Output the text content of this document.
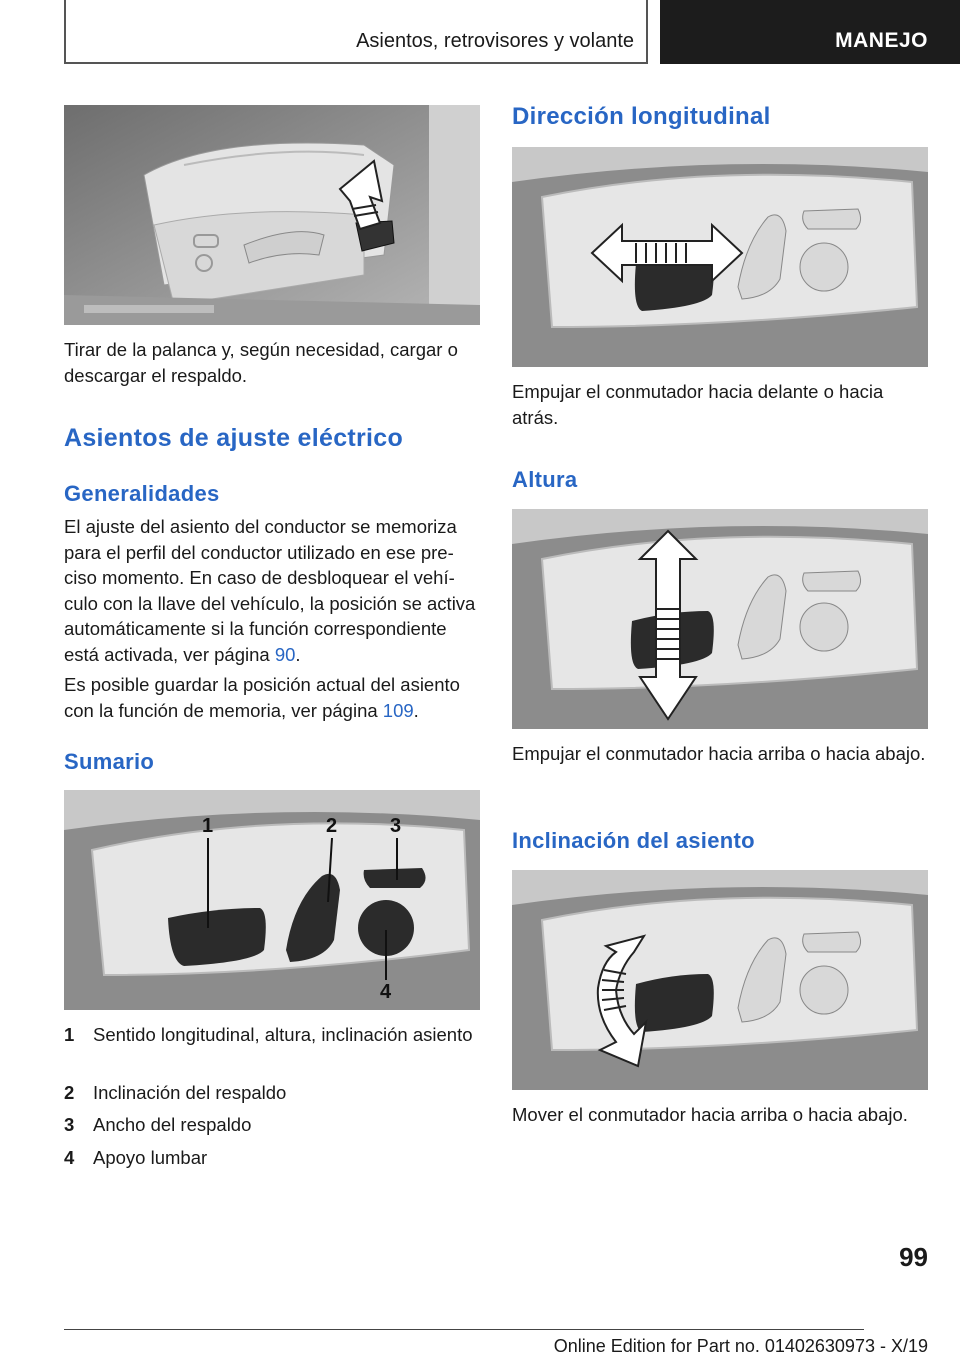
Asientos, retrovisores y volante	MANEJO

Tirar de la palanca y, según necesidad, cargar o descargar el respaldo.

Asientos de ajuste eléctrico
Generalidades

El ajuste del asiento del conductor se memoriza para el perfil del conductor utilizado en ese pre‐ciso momento. En caso de desbloquear el vehí‐culo con la llave del vehículo, la posición se activa automáticamente si la función correspondiente está activada, ver página 90.

Es posible guardar la posición actual del asiento con la función de memoria, ver página 109.

Sumario
1	2	3
4
1 Sentido longitudinal, altura, inclinación asiento
2 Inclinación del respaldo
3 Ancho del respaldo
4 Apoyo lumbar
Dirección longitudinal

Empujar el conmutador hacia delante o hacia atrás.

Altura

Empujar el conmutador hacia arriba o hacia abajo.

Inclinación del asiento

Mover el conmutador hacia arriba o hacia abajo.

99
Online Edition for Part no. 01402630973 - X/19
